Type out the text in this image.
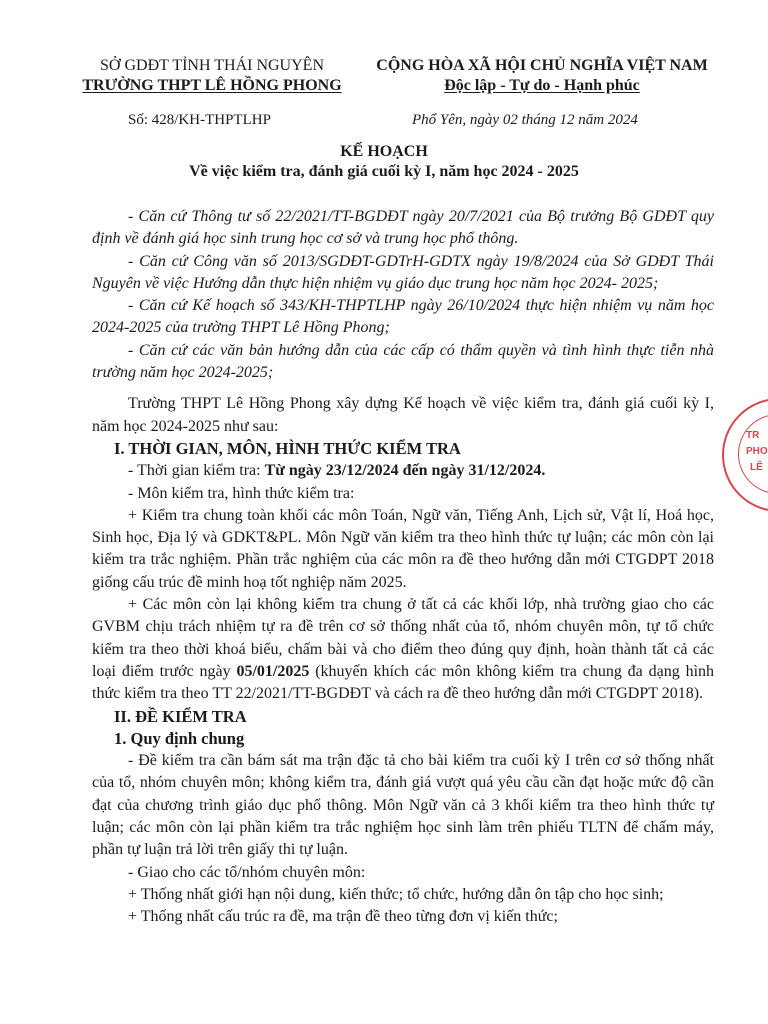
SỞ GDĐT TỈNH THÁI NGUYÊN
TRƯỜNG THPT LÊ HỒNG PHONG
CỘNG HÒA XÃ HỘI CHỦ NGHĨA VIỆT NAM
Độc lập - Tự do - Hạnh phúc
Số: 428/KH-THPTLHP	Phổ Yên, ngày 02 tháng 12 năm 2024
KẾ HOẠCH
Về việc kiểm tra, đánh giá cuối kỳ I, năm học 2024 - 2025

- Căn cứ Thông tư số 22/2021/TT-BGDĐT ngày 20/7/2021 của Bộ trưởng Bộ GDĐT quy định về đánh giá học sinh trung học cơ sở và trung học phổ thông.

- Căn cứ Công văn số 2013/SGDĐT-GDTrH-GDTX ngày 19/8/2024 của Sở GDĐT Thái Nguyên về việc Hướng dẫn thực hiện nhiệm vụ giáo dục trung học năm học 2024- 2025;

- Căn cứ Kế hoạch số 343/KH-THPTLHP ngày 26/10/2024 thực hiện nhiệm vụ năm học 2024-2025 của trường THPT Lê Hồng Phong;

- Căn cứ các văn bản hướng dẫn của các cấp có thẩm quyền và tình hình thực tiễn nhà trường năm học 2024-2025;

Trường THPT Lê Hồng Phong xây dựng Kế hoạch về việc kiểm tra, đánh giá cuối kỳ I, năm học 2024-2025 như sau:

I. THỜI GIAN, MÔN, HÌNH THỨC KIỂM TRA

- Thời gian kiểm tra: Từ ngày 23/12/2024 đến ngày 31/12/2024.

- Môn kiểm tra, hình thức kiểm tra:

+ Kiểm tra chung toàn khối các môn Toán, Ngữ văn, Tiếng Anh, Lịch sử, Vật lí, Hoá học, Sinh học, Địa lý và GDKT&PL. Môn Ngữ văn kiểm tra theo hình thức tự luận; các môn còn lại kiểm tra trắc nghiệm. Phần trắc nghiệm của các môn ra đề theo hướng dẫn mới CTGDPT 2018 giống cấu trúc đề minh hoạ tốt nghiệp năm 2025.

+ Các môn còn lại không kiểm tra chung ở tất cả các khối lớp, nhà trường giao cho các GVBM chịu trách nhiệm tự ra đề trên cơ sở thống nhất của tổ, nhóm chuyên môn, tự tổ chức kiểm tra theo thời khoá biểu, chấm bài và cho điểm theo đúng quy định, hoàn thành tất cả các loại điểm trước ngày 05/01/2025 (khuyến khích các môn không kiểm tra chung đa dạng hình thức kiểm tra theo TT 22/2021/TT-BGDĐT và cách ra đề theo hướng dẫn mới CTGDPT 2018).

II. ĐỀ KIỂM TRA

1. Quy định chung

- Đề kiểm tra cần bám sát ma trận đặc tả cho bài kiểm tra cuối kỳ I trên cơ sở thống nhất của tổ, nhóm chuyên môn; không kiểm tra, đánh giá vượt quá yêu cầu cần đạt hoặc mức độ cần đạt của chương trình giáo dục phổ thông. Môn Ngữ văn cả 3 khối kiểm tra theo hình thức tự luận; các môn còn lại phần kiểm tra trắc nghiệm học sinh làm trên phiếu TLTN để chấm máy, phần tự luận trả lời trên giấy thi tự luận.

- Giao cho các tổ/nhóm chuyên môn:

+ Thống nhất giới hạn nội dung, kiến thức; tổ chức, hướng dẫn ôn tập cho học sinh;

+ Thống nhất cấu trúc ra đề, ma trận đề theo từng đơn vị kiến thức;

TR
PHO
LÊ
